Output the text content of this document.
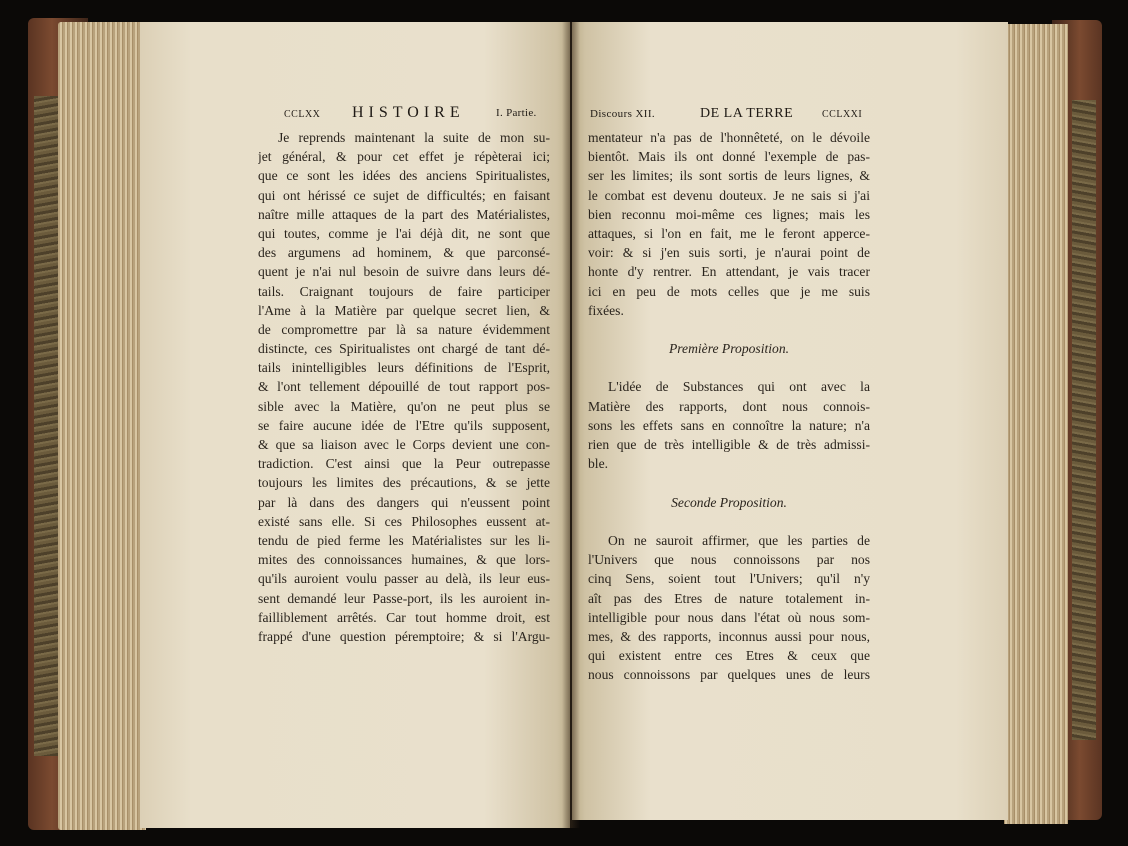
CCLXX HISTOIRE	I. Partie.	Discours XII.	DE LA TERRE	CCLXXI
Je reprends maintenant la suite de mon su-
jet général, & pour cet effet je répèterai ici;
que ce sont les idées des anciens Spiritualistes,
qui ont hérissé ce sujet de difficultés; en faisant
naître mille attaques de la part des Matérialistes,
qui toutes, comme je l'ai déjà dit, ne sont que
des argumens ad hominem, & que parconsé-
quent je n'ai nul besoin de suivre dans leurs dé-
tails. Craignant toujours de faire participer
l'Ame à la Matière par quelque secret lien, &
de compromettre par là sa nature évidemment
distincte, ces Spiritualistes ont chargé de tant dé-
tails inintelligibles leurs définitions de l'Esprit,
& l'ont tellement dépouillé de tout rapport pos-
sible avec la Matière, qu'on ne peut plus se
se faire aucune idée de l'Etre qu'ils supposent,
& que sa liaison avec le Corps devient une con-
tradiction. C'est ainsi que la Peur outrepasse
toujours les limites des précautions, & se jette
par là dans des dangers qui n'eussent point
existé sans elle. Si ces Philosophes eussent at-
tendu de pied ferme les Matérialistes sur les li-
mites des connoissances humaines, & que lors-
qu'ils auroient voulu passer au delà, ils leur eus-
sent demandé leur Passe-port, ils les auroient in-
failliblement arrêtés. Car tout homme droit, est
frappé d'une question péremptoire; & si l'Argu-
mentateur n'a pas de l'honnêteté, on le dévoile
bientôt. Mais ils ont donné l'exemple de pas-
ser les limites; ils sont sortis de leurs lignes, &
le combat est devenu douteux. Je ne sais si j'ai
bien reconnu moi-même ces lignes; mais les
attaques, si l'on en fait, me le feront apperce-
voir: & si j'en suis sorti, je n'aurai point de
honte d'y rentrer. En attendant, je vais tracer
ici en peu de mots celles que je me suis
fixées.
Première Proposition.
L'idée de Substances qui ont avec la
Matière des rapports, dont nous connois-
sons les effets sans en connoître la nature; n'a
rien que de très intelligible & de très admissi-
ble.
Seconde Proposition.
On ne sauroit affirmer, que les parties de
l'Univers que nous connoissons par nos
cinq Sens, soient tout l'Univers; qu'il n'y
aît pas des Etres de nature totalement in-
intelligible pour nous dans l'état où nous som-
mes, & des rapports, inconnus aussi pour nous,
qui existent entre ces Etres & ceux que
nous connoissons par quelques unes de leurs
